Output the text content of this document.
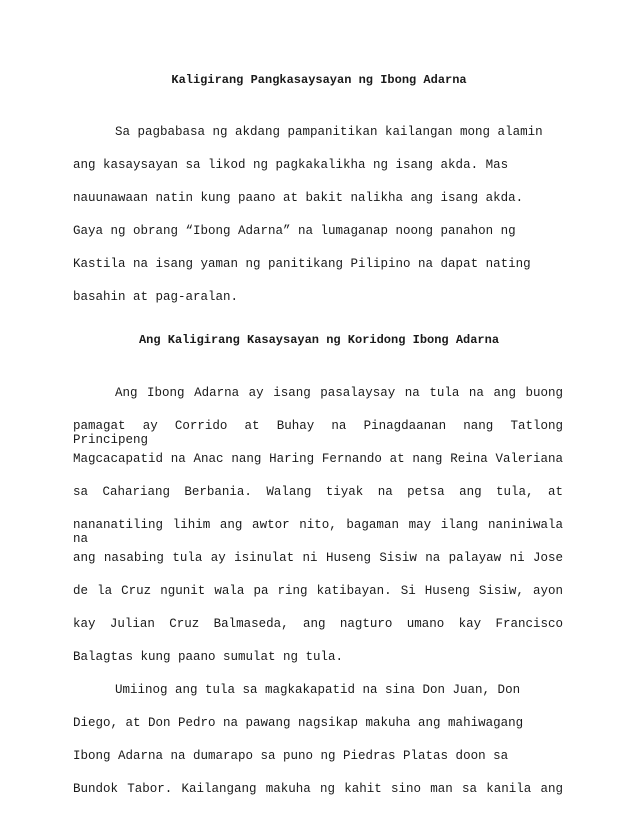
Kaligirang Pangkasaysayan ng Ibong Adarna

Sa pagbabasa ng akdang pampanitikan kailangan mong alamin

ang kasaysayan sa likod ng pagkakalikha ng isang akda. Mas

nauunawaan natin kung paano at bakit nalikha ang isang akda.

Gaya ng obrang “Ibong Adarna” na lumaganap noong panahon ng

Kastila na isang yaman ng panitikang Pilipino na dapat nating

basahin at pag-aralan.

Ang Kaligirang Kasaysayan ng Koridong Ibong Adarna

Ang Ibong Adarna ay isang pasalaysay na tula na ang buong

pamagat ay Corrido at Buhay na Pinagdaanan nang Tatlong Principeng

Magcacapatid na Anac nang Haring Fernando at nang Reina Valeriana

sa Cahariang Berbania. Walang tiyak na petsa ang tula, at

nananatiling lihim ang awtor nito, bagaman may ilang naniniwala na

ang nasabing tula ay isinulat ni Huseng Sisiw na palayaw ni Jose

de la Cruz ngunit wala pa ring katibayan. Si Huseng Sisiw, ayon

kay Julian Cruz Balmaseda, ang nagturo umano kay Francisco

Balagtas kung paano sumulat ng tula.

Umiinog ang tula sa magkakapatid na sina Don Juan, Don

Diego, at Don Pedro na pawang nagsikap makuha ang mahiwagang

Ibong Adarna na dumarapo sa puno ng Piedras Platas doon sa

Bundok Tabor. Kailangang makuha ng kahit sino man sa kanila ang
